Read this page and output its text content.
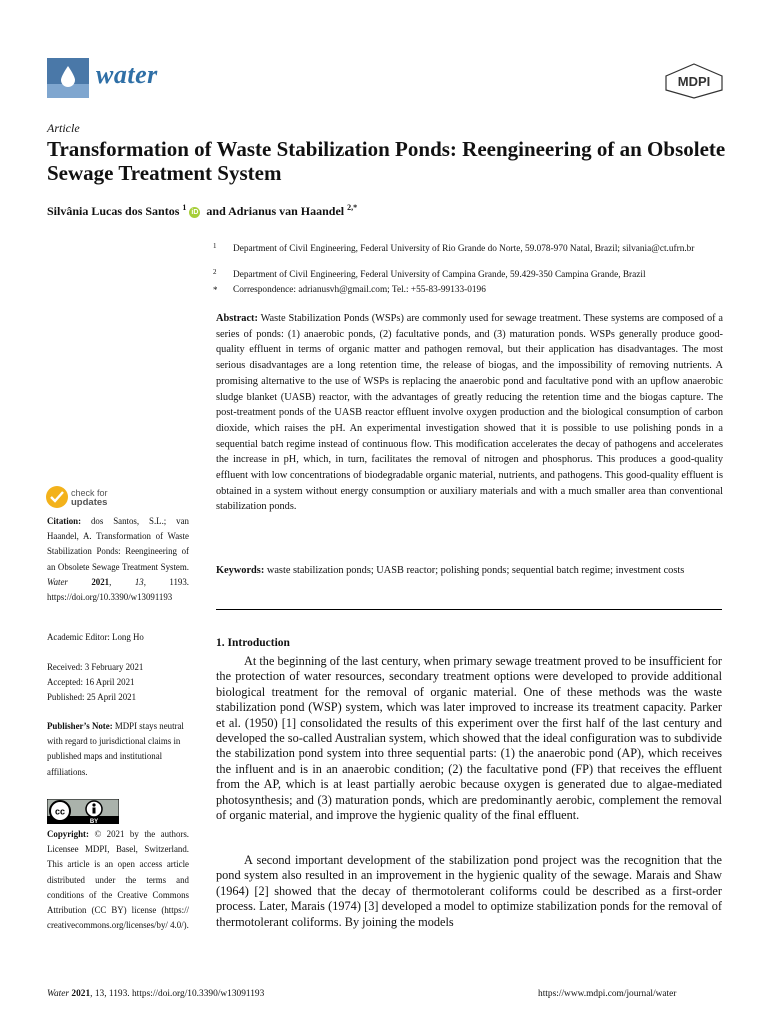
water	MDPI
Article
Transformation of Waste Stabilization Ponds: Reengineering of an Obsolete Sewage Treatment System
Silvânia Lucas dos Santos $^1$ iD and Adrianus van Haandel $^{2,*}$
1 Department of Civil Engineering, Federal University of Rio Grande do Norte, 59.078-970 Natal, Brazil; silvania@ct.ufrn.br
2 Department of Civil Engineering, Federal University of Campina Grande, 59.429-350 Campina Grande, Brazil
* Correspondence: adrianusvh@gmail.com; Tel.: +55-83-99133-0196
Abstract: Waste Stabilization Ponds (WSPs) are commonly used for sewage treatment. These systems are composed of a series of ponds: (1) anaerobic ponds, (2) facultative ponds, and (3) maturation ponds. WSPs generally produce good-quality effluent in terms of organic matter and pathogen removal, but their application has disadvantages. The most serious disadvantages are a long retention time, the release of biogas, and the impossibility of removing nutrients. A promising alternative to the use of WSPs is replacing the anaerobic pond and facultative pond with an upflow anaerobic sludge blanket (UASB) reactor, with the advantages of greatly reducing the retention time and the biogas capture. The post-treatment ponds of the UASB reactor effluent involve oxygen production and the biological consumption of carbon dioxide, which raises the pH. An experimental investigation showed that it is possible to use polishing ponds in a sequential batch regime instead of continuous flow. This modification accelerates the decay of pathogens and accelerates the increase in pH, which, in turn, facilitates the removal of nitrogen and phosphorus. This produces a good-quality effluent with low concentrations of biodegradable organic material, nutrients, and pathogens. This good-quality effluent is obtained in a system without energy consumption or auxiliary materials and with a much smaller area than conventional stabilization ponds.
Keywords: waste stabilization ponds; UASB reactor; polishing ponds; sequential batch regime; investment costs
1. Introduction
At the beginning of the last century, when primary sewage treatment proved to be insufficient for the protection of water resources, secondary treatment options were developed to provide additional biological treatment for the removal of organic material. One of these methods was the waste stabilization pond (WSP) system, which was later improved to increase its treatment capacity. Parker et al. (1950) [1] consolidated the results of this experiment over the first half of the last century and developed the so-called Australian system, which showed that the ideal configuration was to subdivide the stabilization pond system into three sequential parts: (1) the anaerobic pond (AP), which receives the influent and is in an anaerobic condition; (2) the facultative pond (FP) that receives the effluent from the AP, which is at least partially aerobic because oxygen is generated due to algae-mediated photosynthesis; and (3) maturation ponds, which are predominantly aerobic, complement the removal of organic material, and improve the hygienic quality of the final effluent.
A second important development of the stabilization pond project was the recognition that the pond system also resulted in an improvement in the hygienic quality of the sewage. Marais and Shaw (1964) [2] showed that the decay of thermotolerant coliforms could be described as a first-order process. Later, Marais (1974) [3] developed a model to optimize stabilization ponds for the removal of thermotolerant coliforms. By joining the models
check for
updates
Citation: dos Santos, S.L.; van Haandel, A. Transformation of Waste Stabilization Ponds: Reengineering of an Obsolete Sewage Treatment System. Water	2021, 13, 1193. https://doi.org/10.3390/w13091193
Academic Editor: Long Ho
Received: 3 February 2021
Accepted: 16 April 2021
Published: 25 April 2021
Publisher’s Note: MDPI stays neutral with regard to jurisdictional claims in published maps and institutional affiliations.
cc
BY
Copyright: © 2021 by the authors. Licensee MDPI, Basel, Switzerland. This article is an open access article distributed under the terms and conditions of the Creative Commons Attribution (CC BY) license (https:// creativecommons.org/licenses/by/ 4.0/).
Water 2021, 13, 1193. https://doi.org/10.3390/w13091193	https://www.mdpi.com/journal/water
